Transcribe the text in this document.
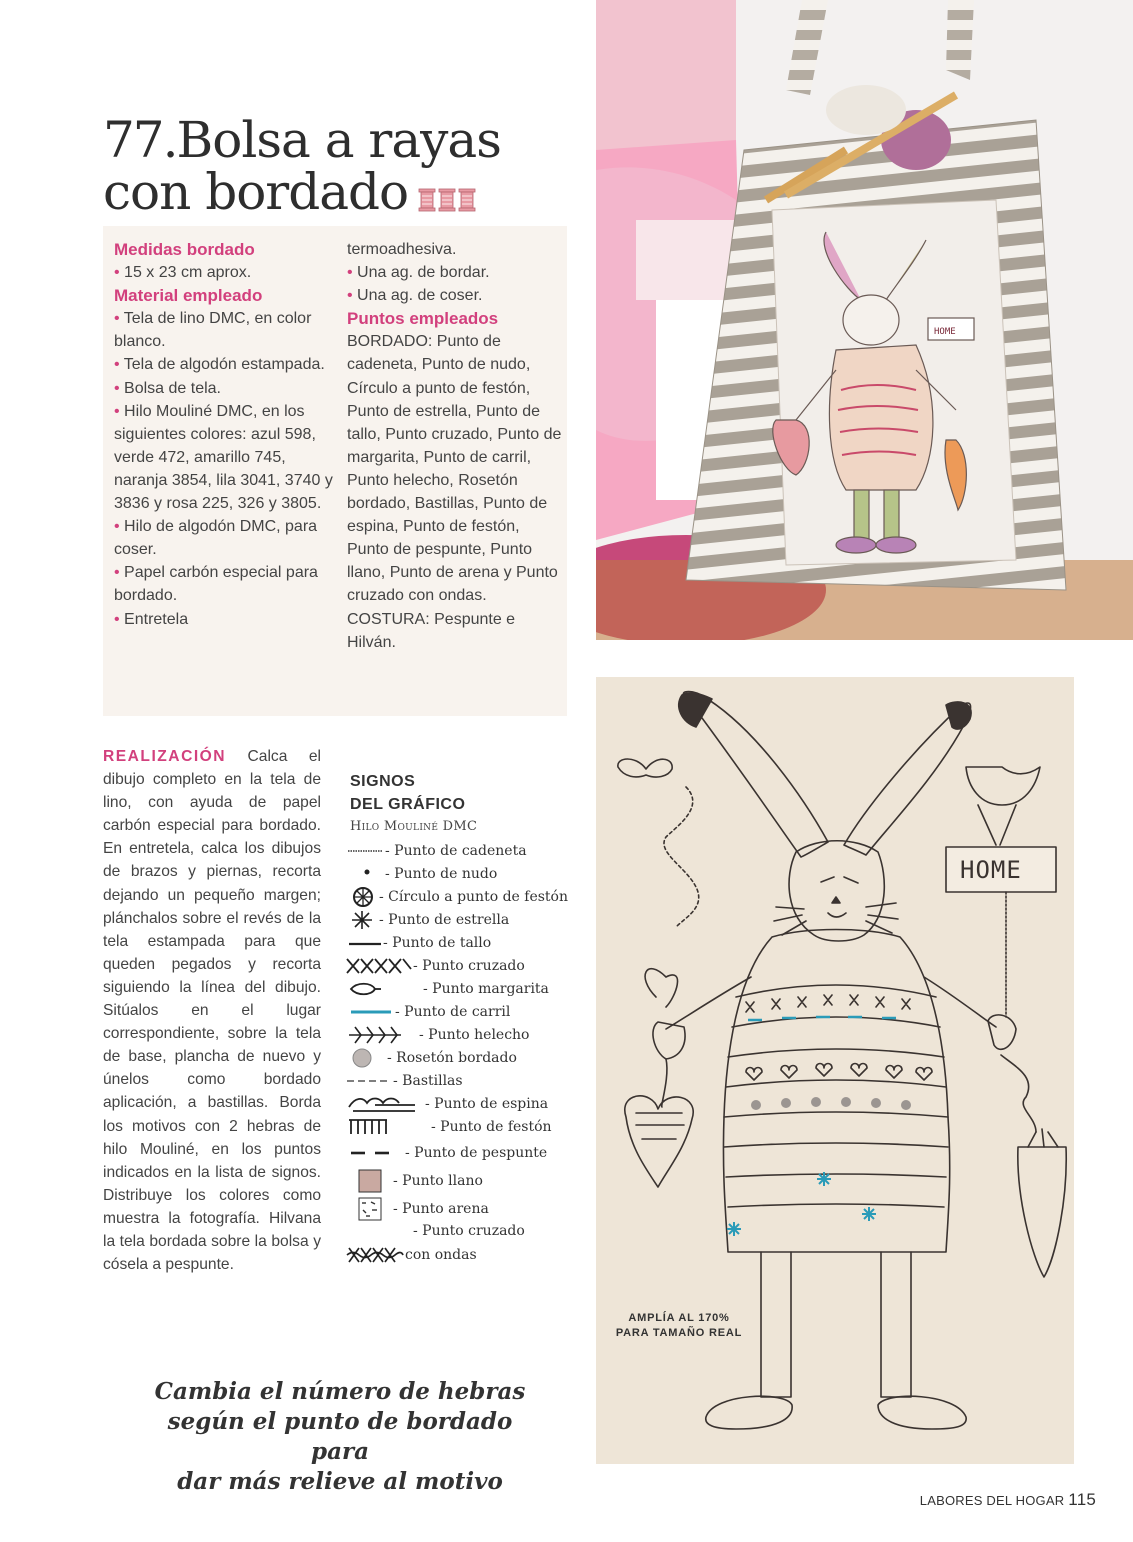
77.Bolsa a rayas
con bordado
Medidas bordado
• 15 x 23 cm aprox.
Material empleado
• Tela de lino DMC, en color blanco.
• Tela de algodón estampada.
• Bolsa de tela.
• Hilo Mouliné DMC, en los siguientes colores: azul 598, verde 472, amarillo 745, naranja 3854, lila 3041, 3740 y 3836 y rosa 225, 326 y 3805.
• Hilo de algodón DMC, para coser.
• Papel carbón especial para bordado.
• Entretela
termoadhesiva.
• Una ag. de bordar.
• Una ag. de coser.
Puntos empleados
BORDADO: Punto de cadeneta, Punto de nudo, Círculo a punto de festón, Punto de estrella, Punto de tallo, Punto cruzado, Punto de margarita, Punto de carril, Punto helecho, Rosetón bordado, Bastillas, Punto de espina, Punto de festón, Punto de pespunte, Punto llano, Punto de arena y Punto cruzado con ondas. COSTURA: Pespunte e Hilván.
REALIZACIÓN Calca el dibujo completo en la tela de lino, con ayuda de papel carbón especial para bordado. En entretela, calca los dibujos de brazos y piernas, recorta dejando un pequeño margen; plánchalos sobre el revés de la tela estampada para que queden pegados y recorta siguiendo la línea del dibujo. Sitúalos en el lugar correspondiente, sobre la tela de base, plancha de nuevo y únelos como bordado aplicación, a bastillas. Borda los motivos con 2 hebras de hilo Mouliné, en los puntos indicados en la lista de signos. Distribuye los colores como muestra la fotografía. Hilvana la tela bordada sobre la bolsa y cósela a pespunte.
SIGNOS
DEL GRÁFICO
Hilo Mouliné DMC
- Punto de cadeneta
- Punto de nudo
- Círculo a punto de festón
- Punto de estrella
- Punto de tallo
- Punto cruzado
- Punto margarita
- Punto de carril
- Punto helecho
- Rosetón bordado
- Bastillas
- Punto de espina
- Punto de festón
- Punto de pespunte
- Punto llano
- Punto arena
- Punto cruzado
con ondas
HOME
HOME
AMPLÍA AL 170%
PARA TAMAÑO REAL
Cambia el número de hebras
según el punto de bordado para
dar más relieve al motivo
LABORES DEL HOGAR 115
